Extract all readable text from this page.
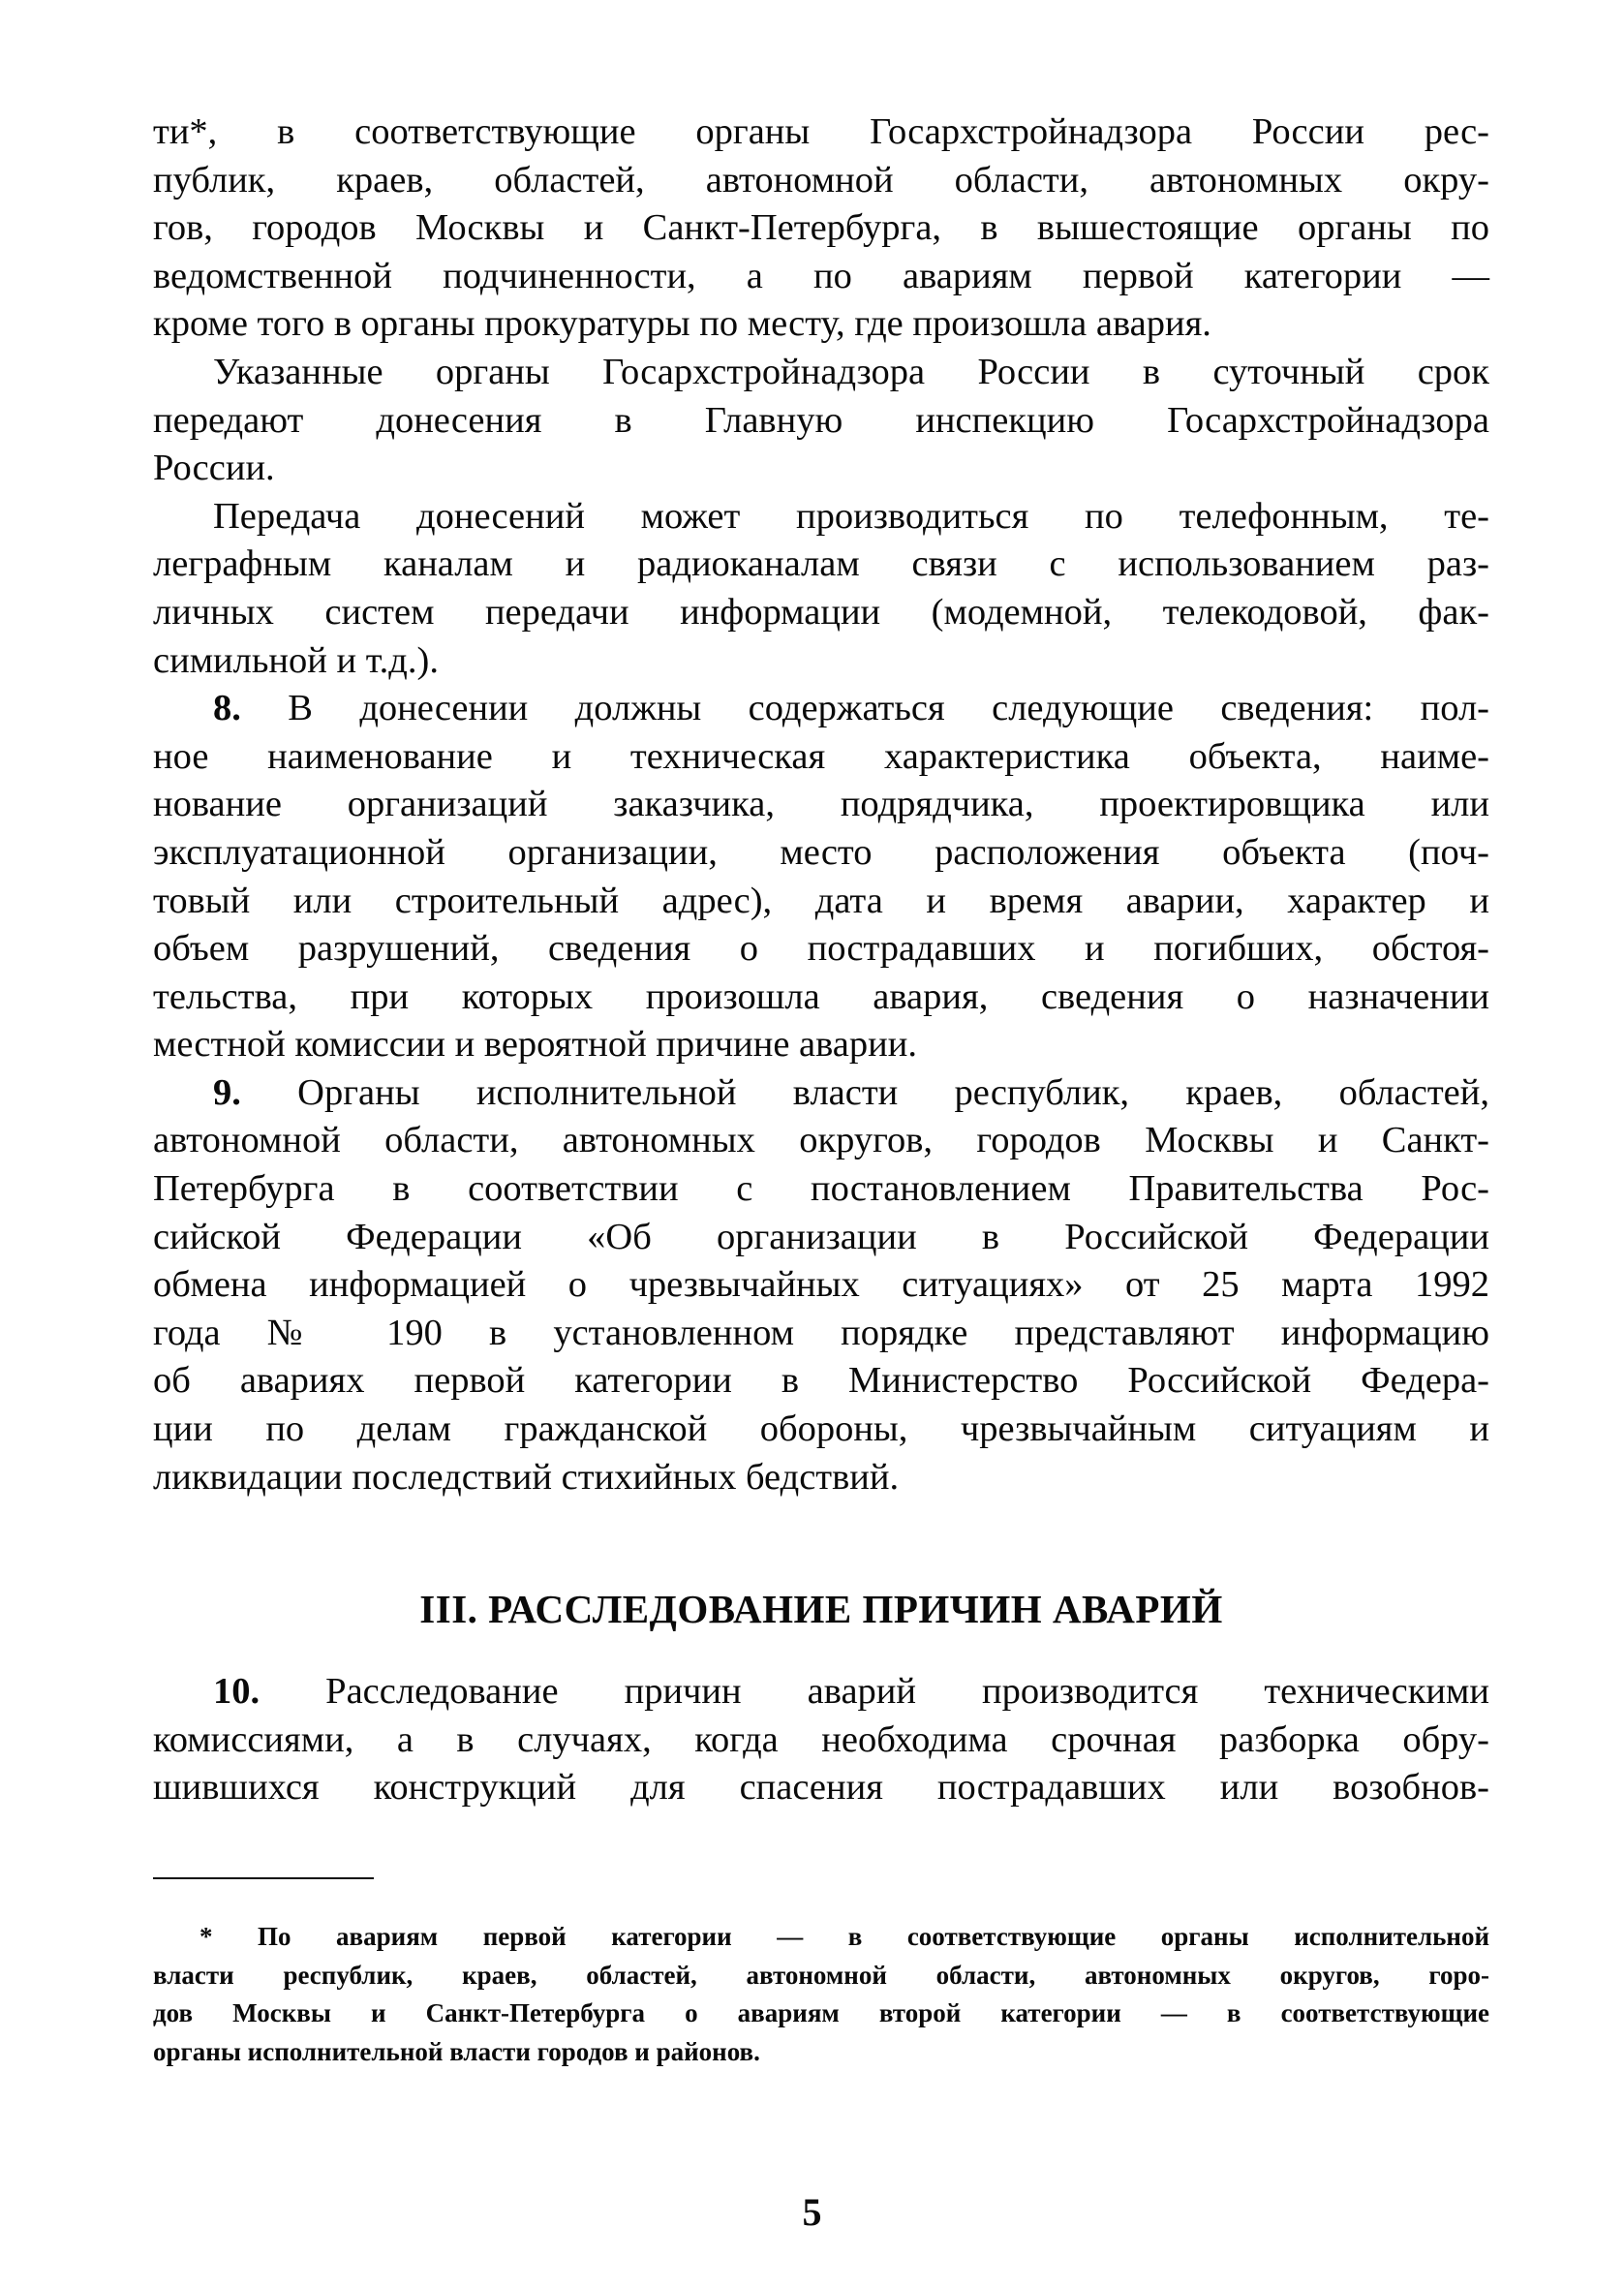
ти*, в соответствующие органы Госархстройнадзора России рес-
публик, краев, областей, автономной области, автономных окру-
гов, городов Москвы и Санкт-Петербурга, в вышестоящие органы по
ведомственной подчиненности, а по авариям первой категории —
кроме того в органы прокуратуры по месту, где произошла авария.

Указанные органы Госархстройнадзора России в суточный срок
передают донесения в Главную инспекцию Госархстройнадзора
России.

Передача донесений может производиться по телефонным, те-
леграфным каналам и радиоканалам связи с использованием раз-
личных систем передачи информации (модемной, телекодовой, фак-
симильной и т.д.).

8. В донесении должны содержаться следующие сведения: пол-
ное наименование и техническая характеристика объекта, наиме-
нование организаций заказчика, подрядчика, проектировщика или
эксплуатационной организации, место расположения объекта (поч-
товый или строительный адрес), дата и время аварии, характер и
объем разрушений, сведения о пострадавших и погибших, обстоя-
тельства, при которых произошла авария, сведения о назначении
местной комиссии и вероятной причине аварии.

9. Органы исполнительной власти республик, краев, областей,
автономной области, автономных округов, городов Москвы и Санкт-
Петербурга в соответствии с постановлением Правительства Рос-
сийской Федерации «Об организации в Российской Федерации
обмена информацией о чрезвычайных ситуациях» от 25 марта 1992
года № 190 в установленном порядке представляют информацию
об авариях первой категории в Министерство Российской Федера-
ции по делам гражданской обороны, чрезвычайным ситуациям и
ликвидации последствий стихийных бедствий.

III. РАССЛЕДОВАНИЕ ПРИЧИН АВАРИЙ

10. Расследование причин аварий производится техническими
комиссиями, а в случаях, когда необходима срочная разборка обру-
шившихся конструкций для спасения пострадавших или возобнов-

* По авариям первой категории — в соответствующие органы исполнительной
власти республик, краев, областей, автономной области, автономных округов, горо-
дов Москвы и Санкт-Петербурга о авариям второй категории — в соответствующие
органы исполнительной власти городов и районов.

5
